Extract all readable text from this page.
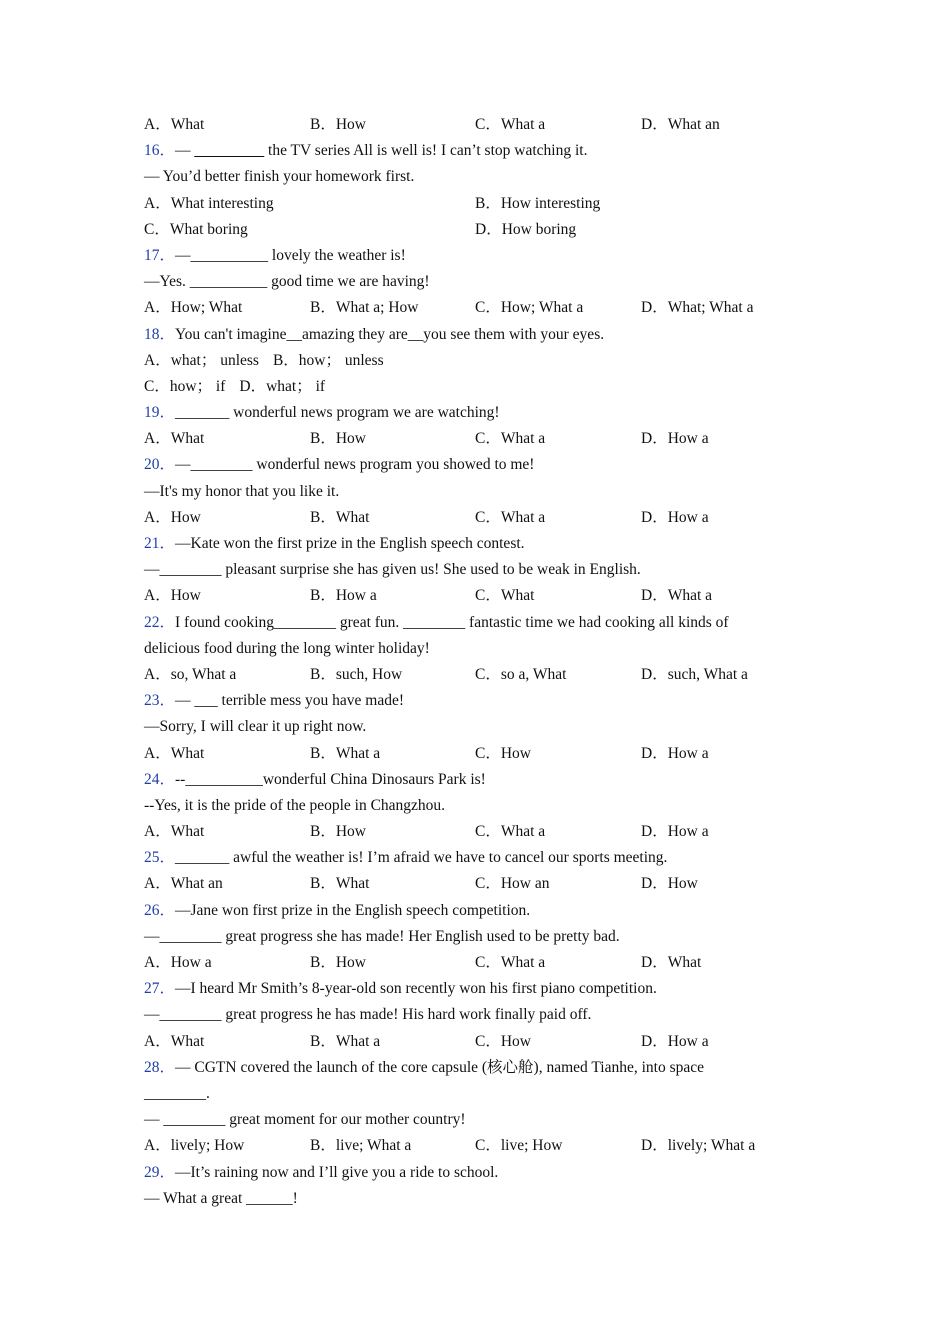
A．What	B．How	C．What a	D．What an
16．— _________ the TV series All is well is! I can’t stop watching it.
— You’d better finish your homework first.
A．What interesting	B．How interesting
C．What boring	D．How boring
17．—__________ lovely the weather is!
—Yes. __________ good time we are having!
A．How; What	B．What a; How	C．How; What a	D．What; What a
18．You can't imagine__amazing they are__you see them with your eyes.
A．what； unless B．how； unless
C．how； if D．what； if
19．_______ wonderful news program we are watching!
A．What	B．How	C．What a	D．How a
20．—________ wonderful news program you showed to me!
—It's my honor that you like it.
A．How	B．What	C．What a	D．How a
21．—Kate won the first prize in the English speech contest.
—________ pleasant surprise she has given us! She used to be weak in English.
A．How	B．How a	C．What	D．What a
22．I found cooking________ great fun. ________ fantastic time we had cooking all kinds of
delicious food during the long winter holiday!
A．so, What a	B．such, How	C．so a, What	D．such, What a
23．— ___ terrible mess you have made!
—Sorry, I will clear it up right now.
A．What	B．What a	C．How	D．How a
24．--__________wonderful China Dinosaurs Park is!
--Yes, it is the pride of the people in Changzhou.
A．What	B．How	C．What a	D．How a
25．_______ awful the weather is! I’m afraid we have to cancel our sports meeting.
A．What an	B．What	C．How an	D．How
26．—Jane won first prize in the English speech competition.
—________ great progress she has made! Her English used to be pretty bad.
A．How a	B．How	C．What a	D．What
27．—I heard Mr Smith’s 8-year-old son recently won his first piano competition.
—________ great progress he has made! His hard work finally paid off.
A．What	B．What a	C．How	D．How a
28．— CGTN covered the launch of the core capsule (核心舱), named Tianhe, into space
________.
— ________ great moment for our mother country!
A．lively; How	B．live; What a	C．live; How	D．lively; What a
29．—It’s raining now and I’ll give you a ride to school.
— What a great ______!
